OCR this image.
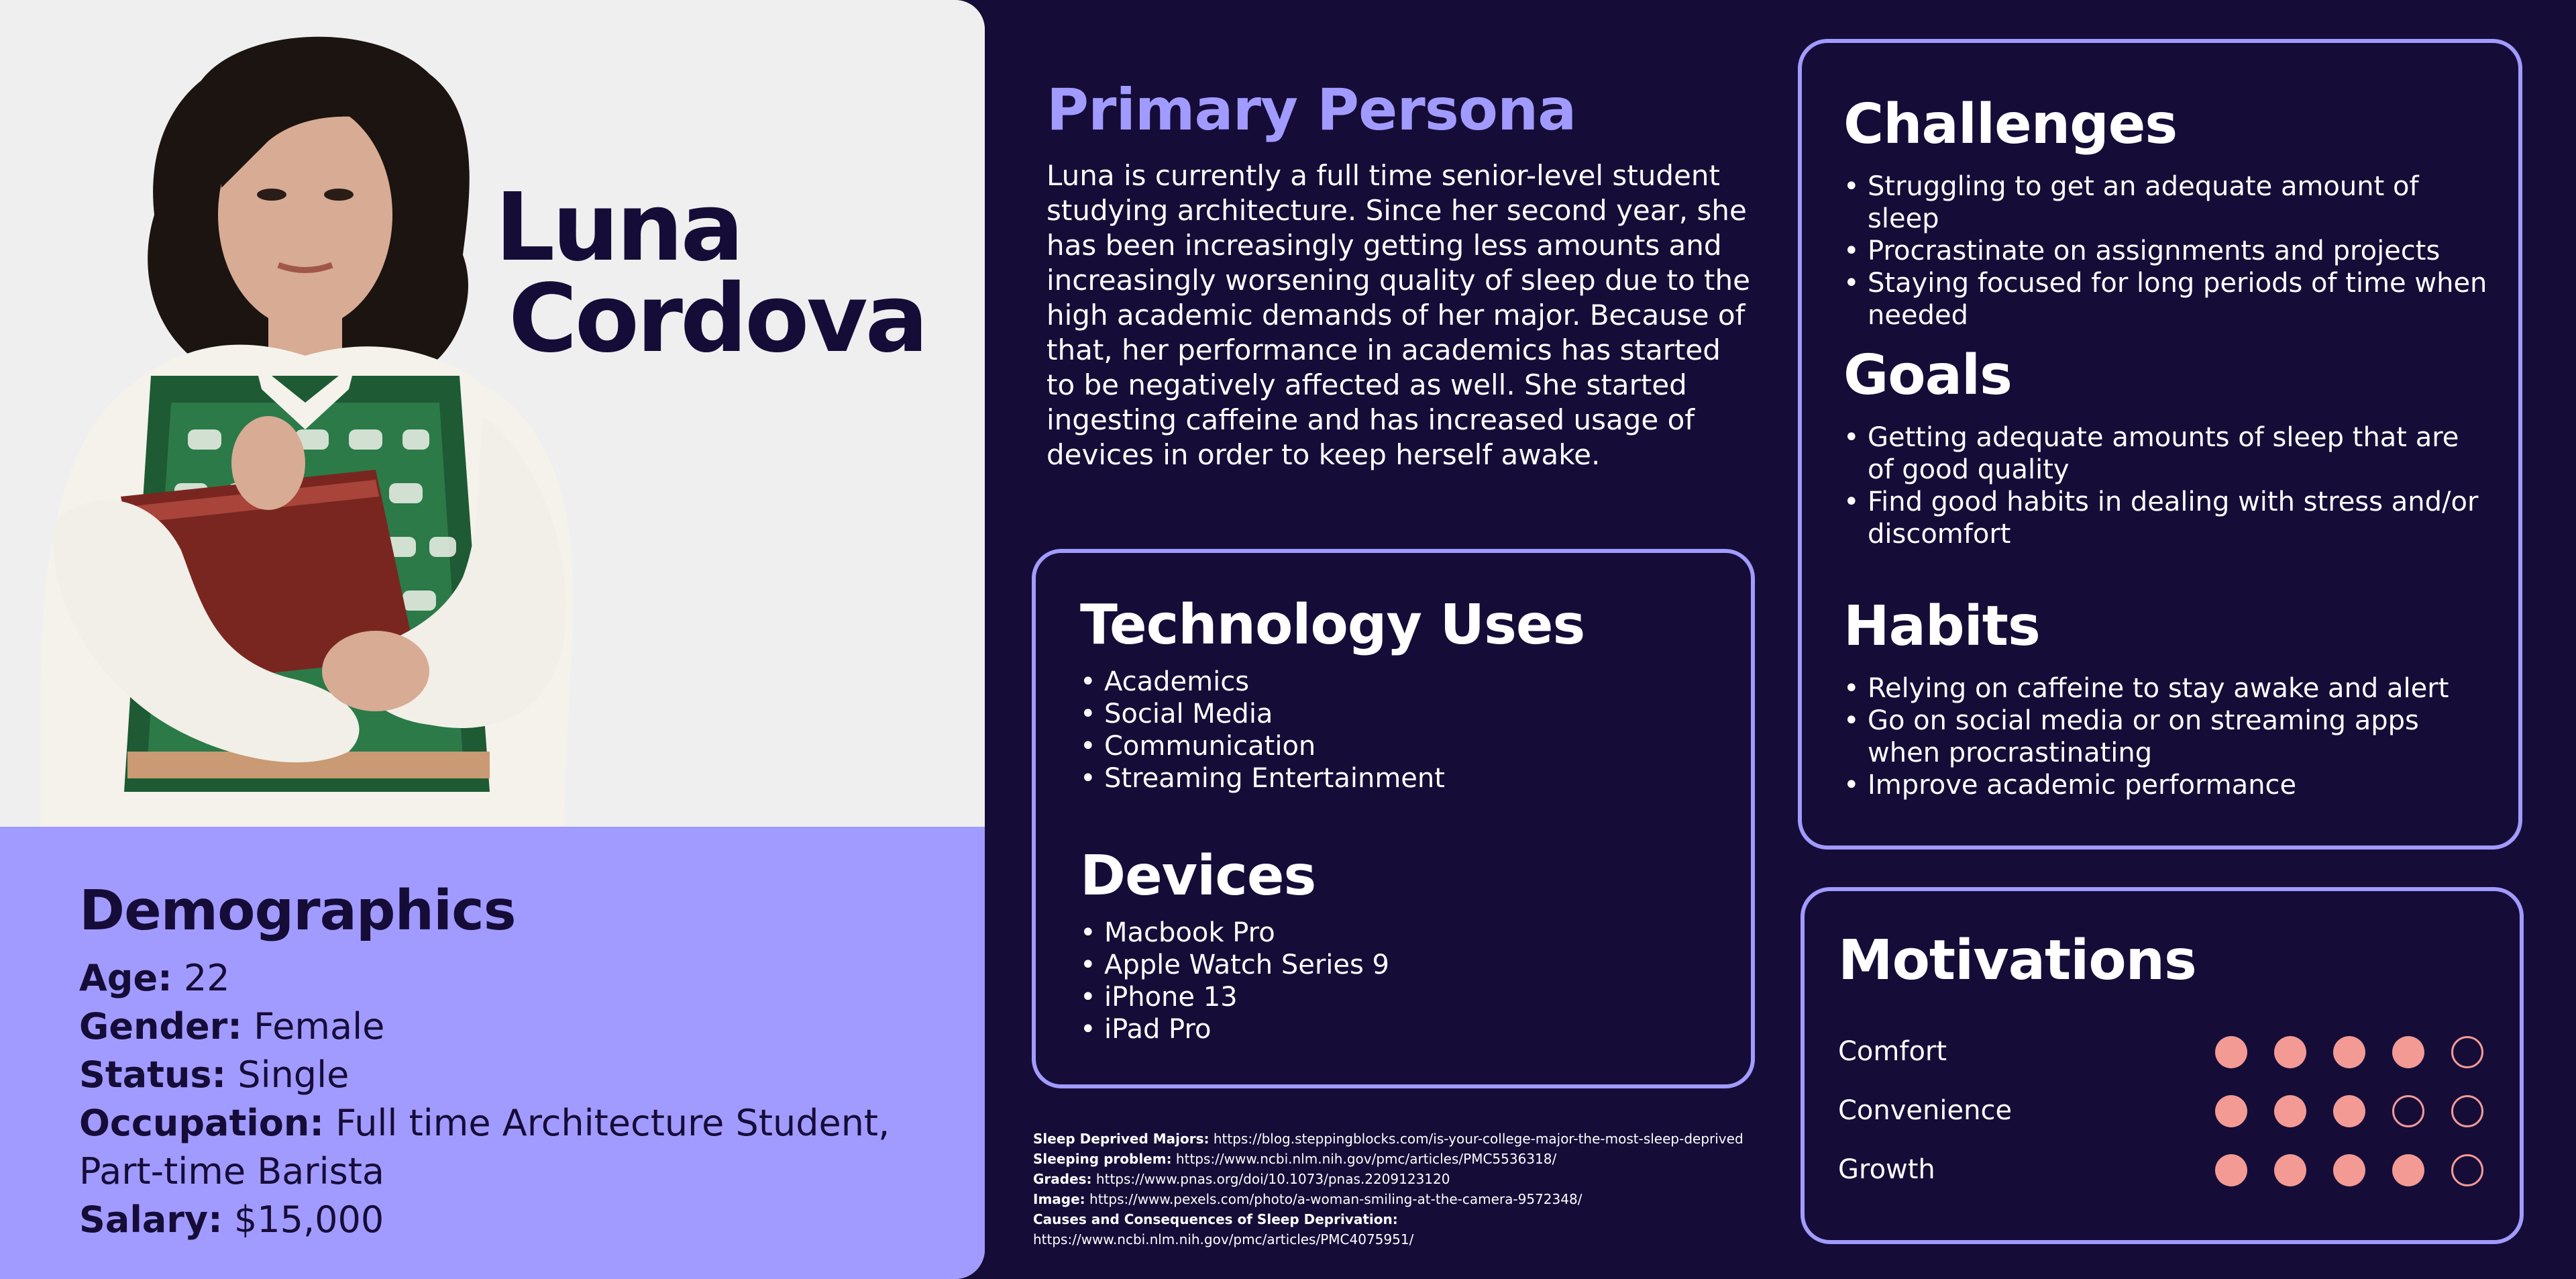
Luna
Cordova
Demographics
Age: 22
Gender: Female
Status: Single
Occupation: Full time Architecture Student, Part-time Barista
Salary: $15,000
Primary Persona
Luna is currently a full time senior-level student studying architecture. Since her second year, she has been increasingly getting less amounts and increasingly worsening quality of sleep due to the high academic demands of her major. Because of that, her performance in academics has started to be negatively affected as well. She started ingesting caffeine and has increased usage of devices in order to keep herself awake.
Technology Uses
• Academics
• Social Media
• Communication
• Streaming Entertainment
Devices
• Macbook Pro
• Apple Watch Series 9
• iPhone 13
• iPad Pro
Challenges
• Struggling to get an adequate amount of sleep
• Procrastinate on assignments and projects
• Staying focused for long periods of time when needed
Goals
• Getting adequate amounts of sleep that are of good quality
• Find good habits in dealing with stress and/or discomfort
Habits
• Relying on caffeine to stay awake and alert
• Go on social media or on streaming apps when procrastinating
• Improve academic performance
Motivations
Comfort
Convenience
Growth
Sleep Deprived Majors: https://blog.steppingblocks.com/is-your-college-major-the-most-sleep-deprived
Sleeping problem: https://www.ncbi.nlm.nih.gov/pmc/articles/PMC5536318/
Grades: https://www.pnas.org/doi/10.1073/pnas.2209123120
Image: https://www.pexels.com/photo/a-woman-smiling-at-the-camera-9572348/
Causes and Consequences of Sleep Deprivation:
https://www.ncbi.nlm.nih.gov/pmc/articles/PMC4075951/
